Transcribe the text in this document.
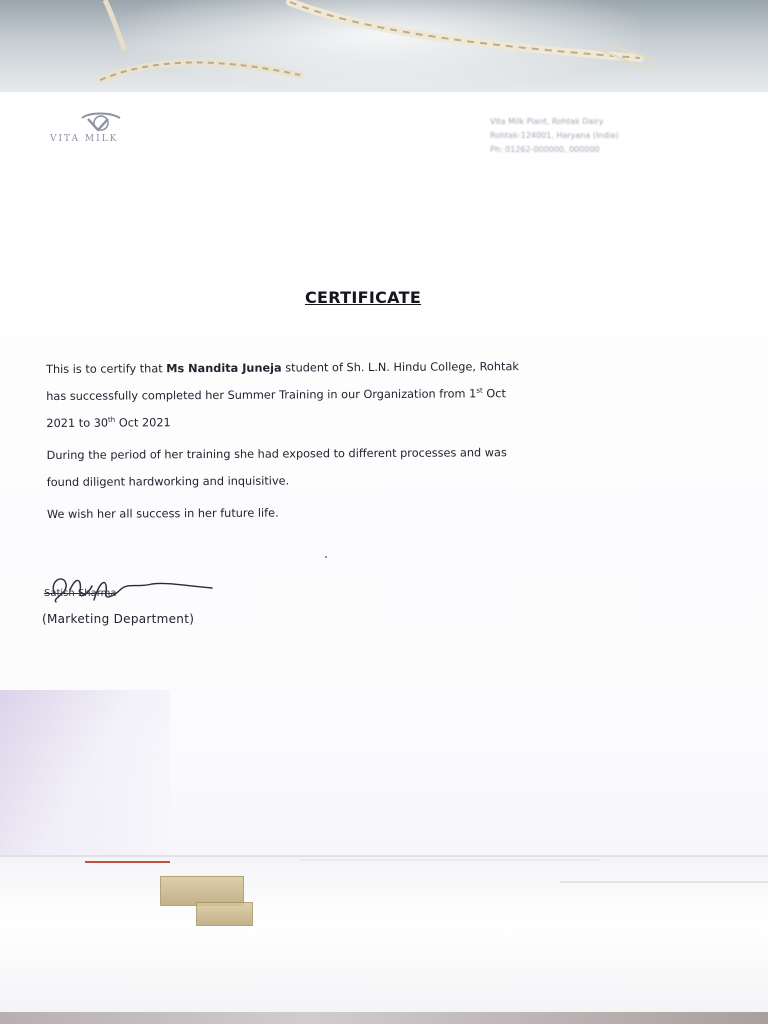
VITA MILK
Vita Milk Plant, Rohtak Dairy
Rohtak-124001, Haryana (India)
Ph: 01262-000000, 000000
CERTIFICATE

This is to certify that Ms Nandita Juneja student of Sh. L.N. Hindu College, Rohtak
has successfully completed her Summer Training in our Organization from 1st Oct
2021 to 30th Oct 2021

During the period of her training she had exposed to different processes and was
found diligent hardworking and inquisitive.

We wish her all success in her future life.

Satish Sharma
(Marketing Department)
